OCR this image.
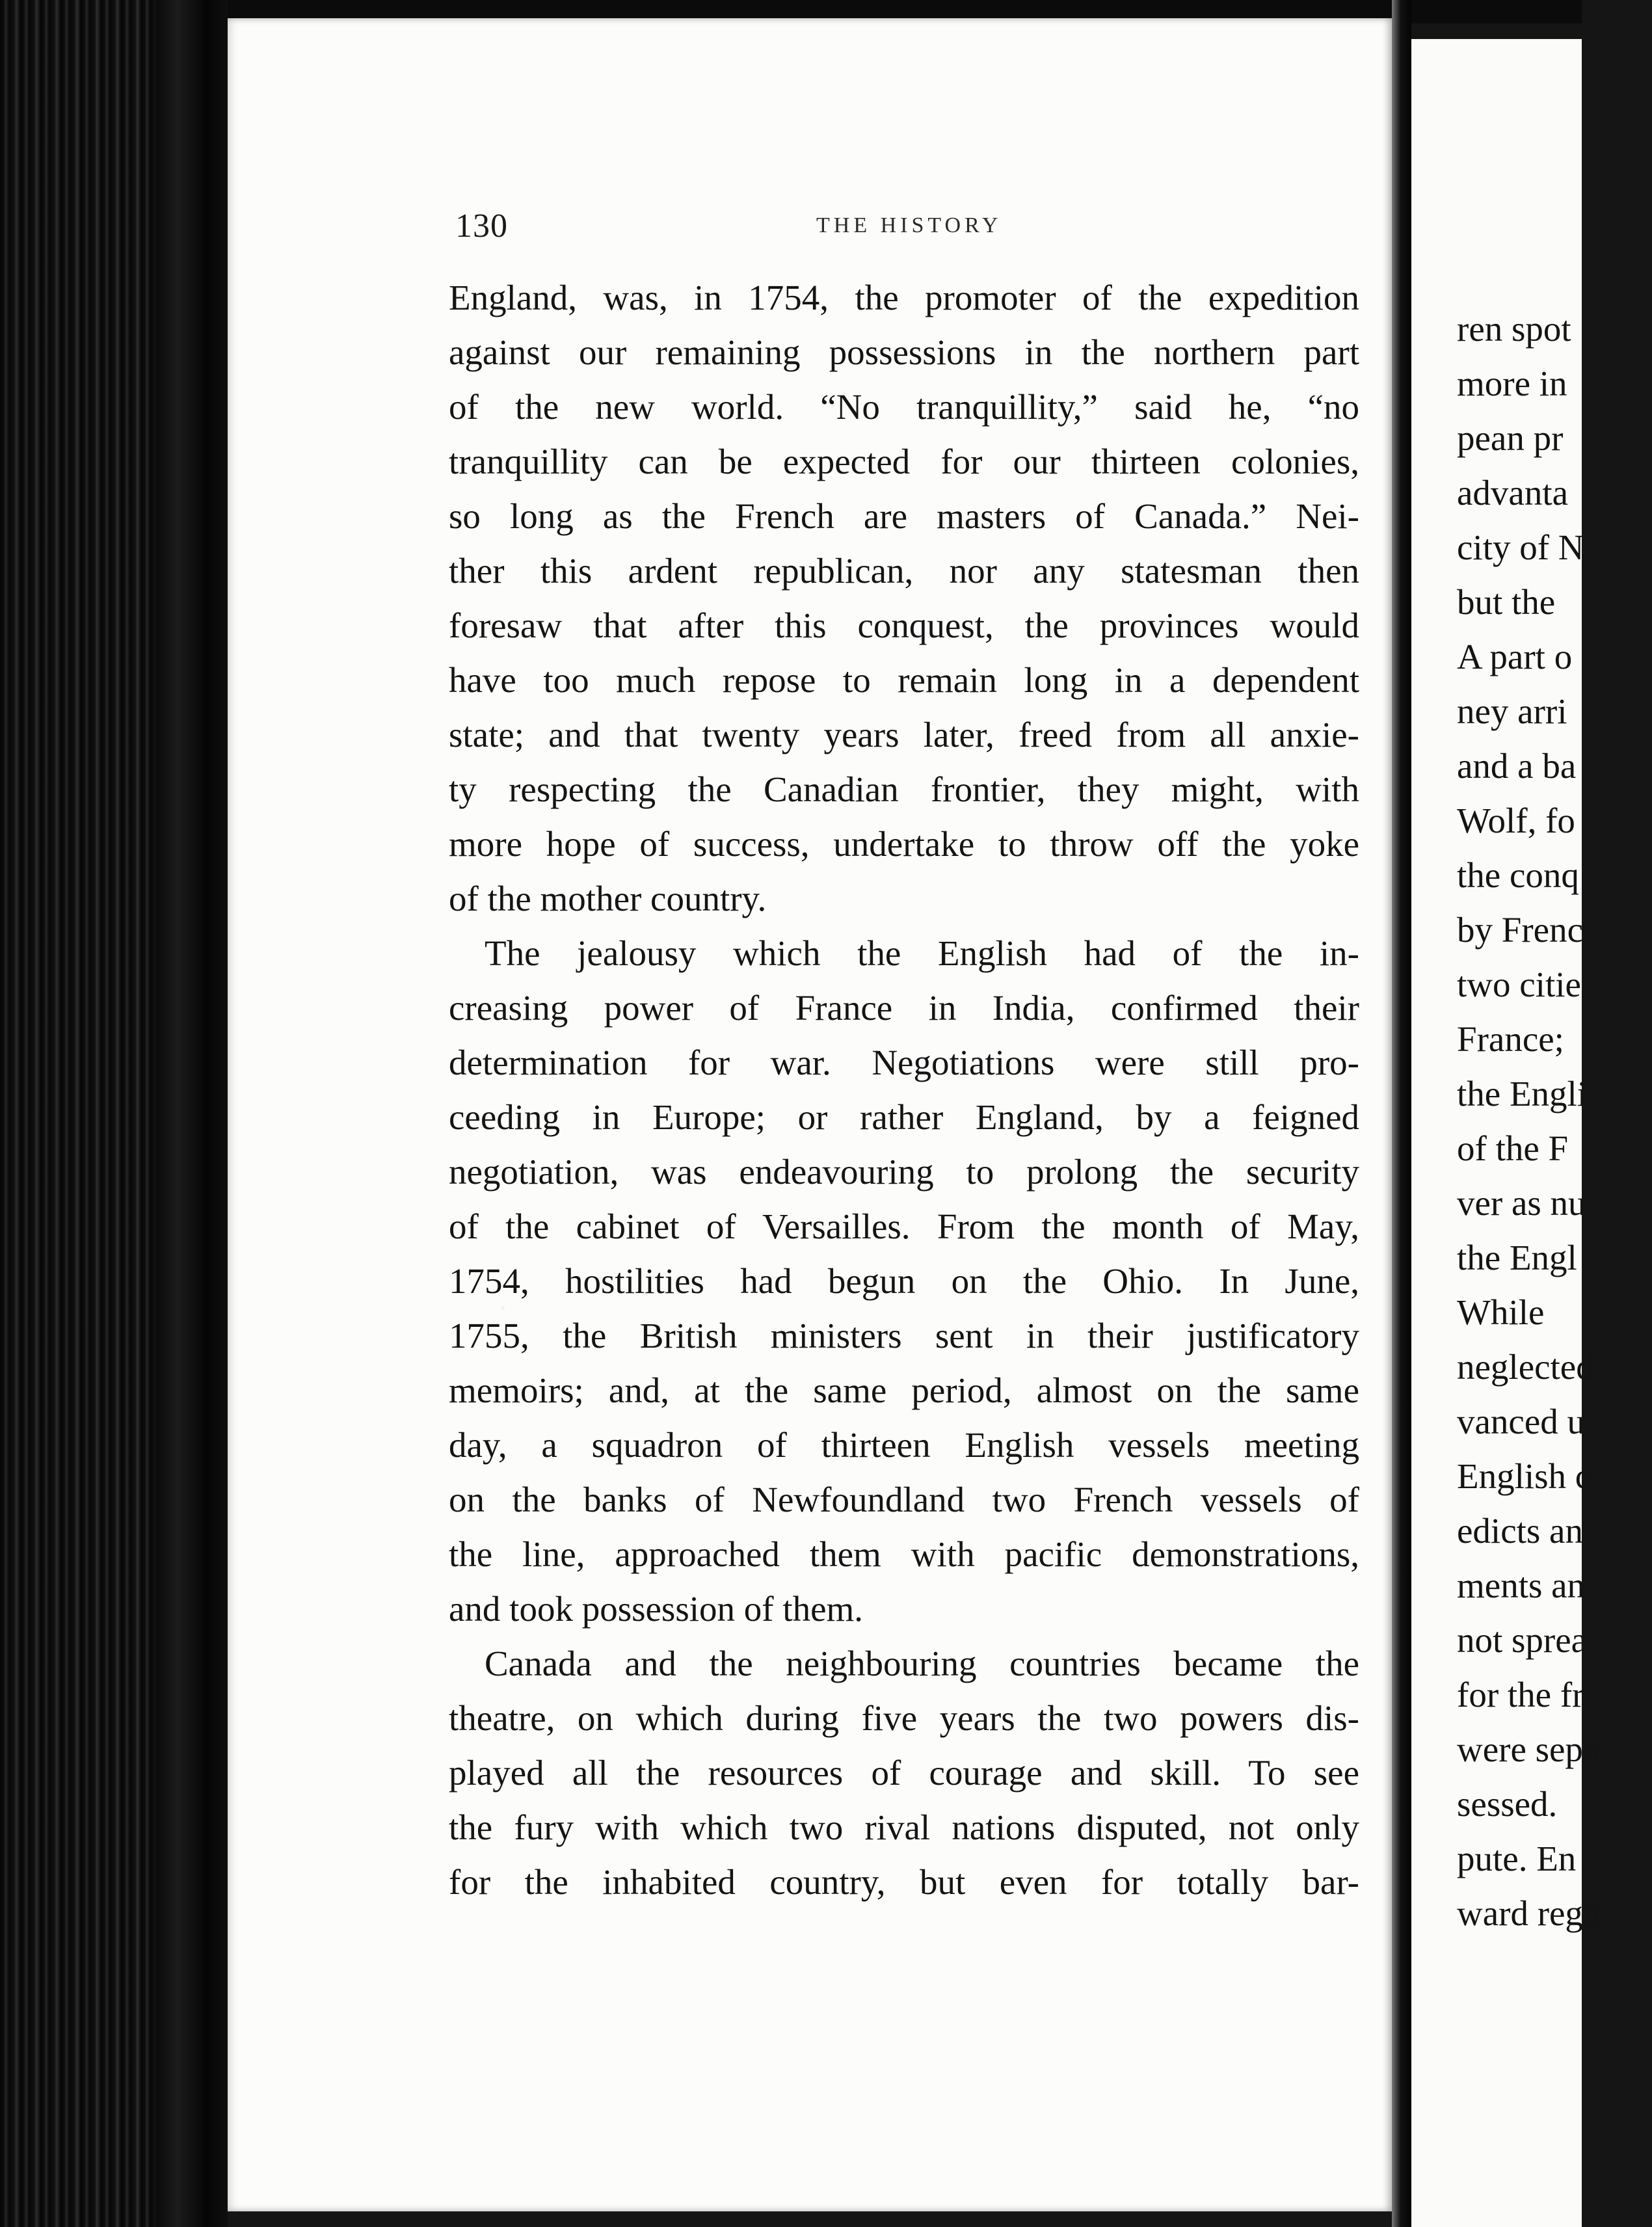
130	THE HISTORY
England, was, in 1754, the promoter of the expedition
against our remaining possessions in the northern part
of the new world. “No tranquillity,” said he, “no
tranquillity can be expected for our thirteen colonies,
so long as the French are masters of Canada.” Nei-
ther this ardent republican, nor any statesman then
foresaw that after this conquest, the provinces would
have too much repose to remain long in a dependent
state; and that twenty years later, freed from all anxie-
ty respecting the Canadian frontier, they might, with
more hope of success, undertake to throw off the yoke
of the mother country.
The jealousy which the English had of the in-
creasing power of France in India, confirmed their
determination for war. Negotiations were still pro-
ceeding in Europe; or rather England, by a feigned
negotiation, was endeavouring to prolong the security
of the cabinet of Versailles. From the month of May,
1754, hostilities had begun on the Ohio. In June,
1755, the British ministers sent in their justificatory
memoirs; and, at the same period, almost on the same
day, a squadron of thirteen English vessels meeting
on the banks of Newfoundland two French vessels of
the line, approached them with pacific demonstrations,
and took possession of them.
Canada and the neighbouring countries became the
theatre, on which during five years the two powers dis-
played all the resources of courage and skill. To see
the fury with which two rival nations disputed, not only
for the inhabited country, but even for totally bar-
ren spot
more in
pean pr
advanta
city of N
but the
A part o
ney arri
and a ba
Wolf, fo
the conq
by Frenc
two citie
France;
the Engli
of the F
ver as nu
the Engl
While
neglected
vanced u
English c
edicts an
ments an
not sprea
for the fr
were sepa
sessed.
pute. En
ward regu
